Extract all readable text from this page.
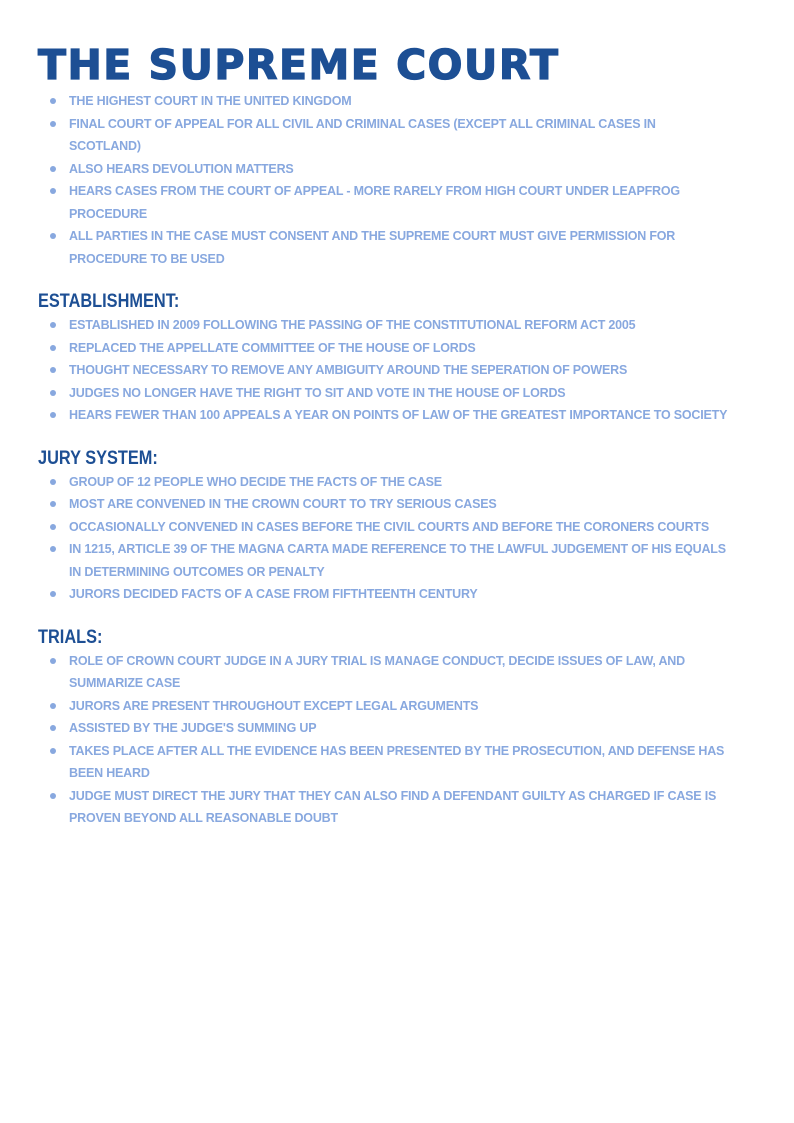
THE SUPREME COURT
THE HIGHEST COURT IN THE UNITED KINGDOM
FINAL COURT OF APPEAL FOR ALL CIVIL AND CRIMINAL CASES (EXCEPT ALL CRIMINAL CASES IN SCOTLAND)
ALSO HEARS DEVOLUTION MATTERS
HEARS CASES FROM THE COURT OF APPEAL - MORE RARELY FROM HIGH COURT UNDER LEAPFROG PROCEDURE
ALL PARTIES IN THE CASE MUST CONSENT AND THE SUPREME COURT MUST GIVE PERMISSION FOR PROCEDURE TO BE USED
ESTABLISHMENT:
ESTABLISHED IN 2009 FOLLOWING THE PASSING OF THE CONSTITUTIONAL REFORM ACT 2005
REPLACED THE APPELLATE COMMITTEE OF THE HOUSE OF LORDS
THOUGHT NECESSARY TO REMOVE ANY AMBIGUITY AROUND THE SEPERATION OF POWERS
JUDGES NO LONGER HAVE THE RIGHT TO SIT AND VOTE IN THE HOUSE OF LORDS
HEARS FEWER THAN 100 APPEALS A YEAR ON POINTS OF LAW OF THE GREATEST IMPORTANCE TO SOCIETY
JURY SYSTEM:
GROUP OF 12 PEOPLE WHO DECIDE THE FACTS OF THE CASE
MOST ARE CONVENED IN THE CROWN COURT TO TRY SERIOUS CASES
OCCASIONALLY CONVENED IN CASES BEFORE THE CIVIL COURTS AND BEFORE THE CORONERS COURTS
IN 1215, ARTICLE 39 OF THE MAGNA CARTA MADE REFERENCE TO THE LAWFUL JUDGEMENT OF HIS EQUALS IN DETERMINING OUTCOMES OR PENALTY
JURORS DECIDED FACTS OF A CASE FROM FIFTHTEENTH CENTURY
TRIALS:
ROLE OF CROWN COURT JUDGE IN A JURY TRIAL IS MANAGE CONDUCT, DECIDE ISSUES OF LAW, AND SUMMARIZE CASE
JURORS ARE PRESENT THROUGHOUT EXCEPT LEGAL ARGUMENTS
ASSISTED BY THE JUDGE'S SUMMING UP
TAKES PLACE AFTER ALL THE EVIDENCE HAS BEEN PRESENTED BY THE PROSECUTION, AND DEFENSE HAS BEEN HEARD
JUDGE MUST DIRECT THE JURY THAT THEY CAN ALSO FIND A DEFENDANT GUILTY AS CHARGED IF CASE IS PROVEN BEYOND ALL REASONABLE DOUBT
